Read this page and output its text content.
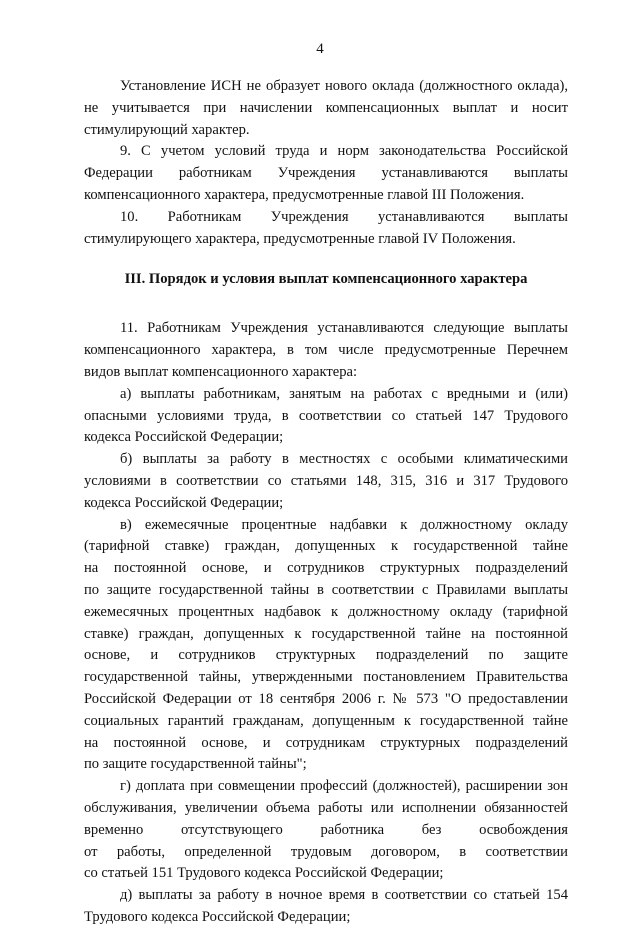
4
Установление ИСН не образует нового оклада (должностного оклада),
не учитывается при начислении компенсационных выплат и носит
стимулирующий характер.
9. С учетом условий труда и норм законодательства Российской
Федерации работникам Учреждения устанавливаются выплаты
компенсационного характера, предусмотренные главой III Положения.
10. Работникам Учреждения устанавливаются выплаты
стимулирующего характера, предусмотренные главой IV Положения.
III. Порядок и условия выплат компенсационного характера
11. Работникам Учреждения устанавливаются следующие выплаты
компенсационного характера, в том числе предусмотренные Перечнем
видов выплат компенсационного характера:
а) выплаты работникам, занятым на работах с вредными и (или)
опасными условиями труда, в соответствии со статьей 147 Трудового
кодекса Российской Федерации;
б) выплаты за работу в местностях с особыми климатическими
условиями в соответствии со статьями 148, 315, 316 и 317 Трудового
кодекса Российской Федерации;
в) ежемесячные процентные надбавки к должностному окладу
(тарифной ставке) граждан, допущенных к государственной тайне
на постоянной основе, и сотрудников структурных подразделений
по защите государственной тайны в соответствии с Правилами выплаты
ежемесячных процентных надбавок к должностному окладу (тарифной
ставке) граждан, допущенных к государственной тайне на постоянной
основе, и сотрудников структурных подразделений по защите
государственной тайны, утвержденными постановлением Правительства
Российской Федерации от 18 сентября 2006 г. № 573 "О предоставлении
социальных гарантий гражданам, допущенным к государственной тайне
на постоянной основе, и сотрудникам структурных подразделений
по защите государственной тайны";
г) доплата при совмещении профессий (должностей), расширении зон
обслуживания, увеличении объема работы или исполнении обязанностей
временно отсутствующего работника без освобождения
от работы, определенной трудовым договором, в соответствии
со статьей 151 Трудового кодекса Российской Федерации;
д) выплаты за работу в ночное время в соответствии со статьей 154
Трудового кодекса Российской Федерации;
